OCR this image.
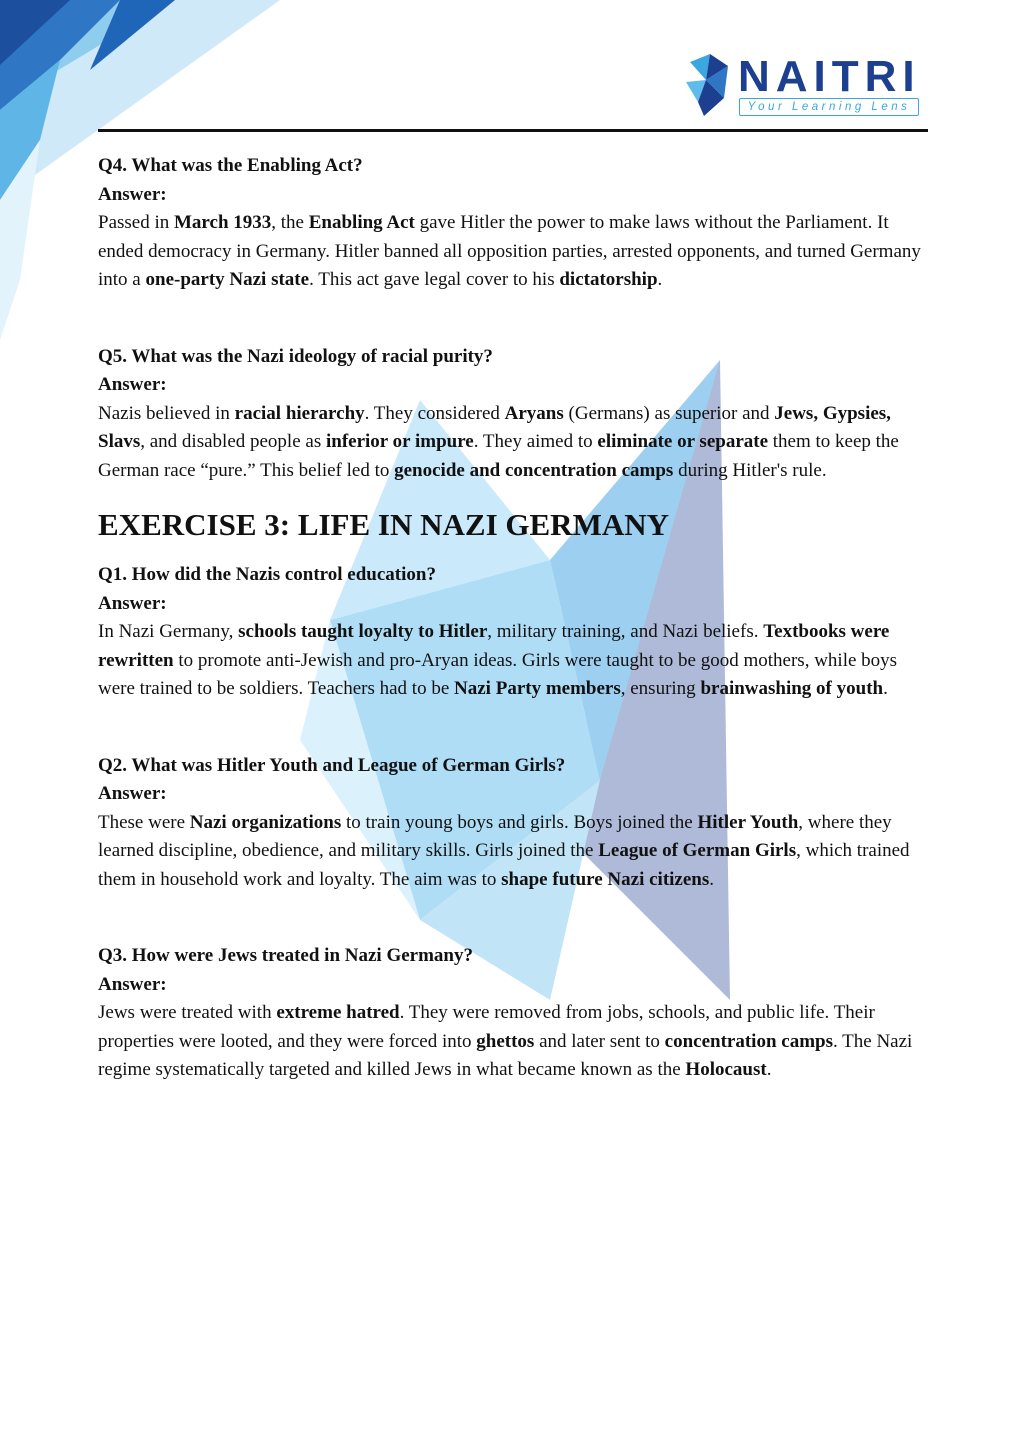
NAITRI
Your Learning Lens
Q4. What was the Enabling Act?
Answer:

Passed in March 1933, the Enabling Act gave Hitler the power to make laws without the Parliament. It ended democracy in Germany. Hitler banned all opposition parties, arrested opponents, and turned Germany into a one-party Nazi state. This act gave legal cover to his dictatorship.

Q5. What was the Nazi ideology of racial purity?
Answer:

Nazis believed in racial hierarchy. They considered Aryans (Germans) as superior and Jews, Gypsies, Slavs, and disabled people as inferior or impure. They aimed to eliminate or separate them to keep the German race “pure.” This belief led to genocide and concentration camps during Hitler's rule.

EXERCISE 3: LIFE IN NAZI GERMANY
Q1. How did the Nazis control education?
Answer:

In Nazi Germany, schools taught loyalty to Hitler, military training, and Nazi beliefs. Textbooks were rewritten to promote anti-Jewish and pro-Aryan ideas. Girls were taught to be good mothers, while boys were trained to be soldiers. Teachers had to be Nazi Party members, ensuring brainwashing of youth.

Q2. What was Hitler Youth and League of German Girls?
Answer:

These were Nazi organizations to train young boys and girls. Boys joined the Hitler Youth, where they learned discipline, obedience, and military skills. Girls joined the League of German Girls, which trained them in household work and loyalty. The aim was to shape future Nazi citizens.

Q3. How were Jews treated in Nazi Germany?
Answer:

Jews were treated with extreme hatred. They were removed from jobs, schools, and public life. Their properties were looted, and they were forced into ghettos and later sent to concentration camps. The Nazi regime systematically targeted and killed Jews in what became known as the Holocaust.
